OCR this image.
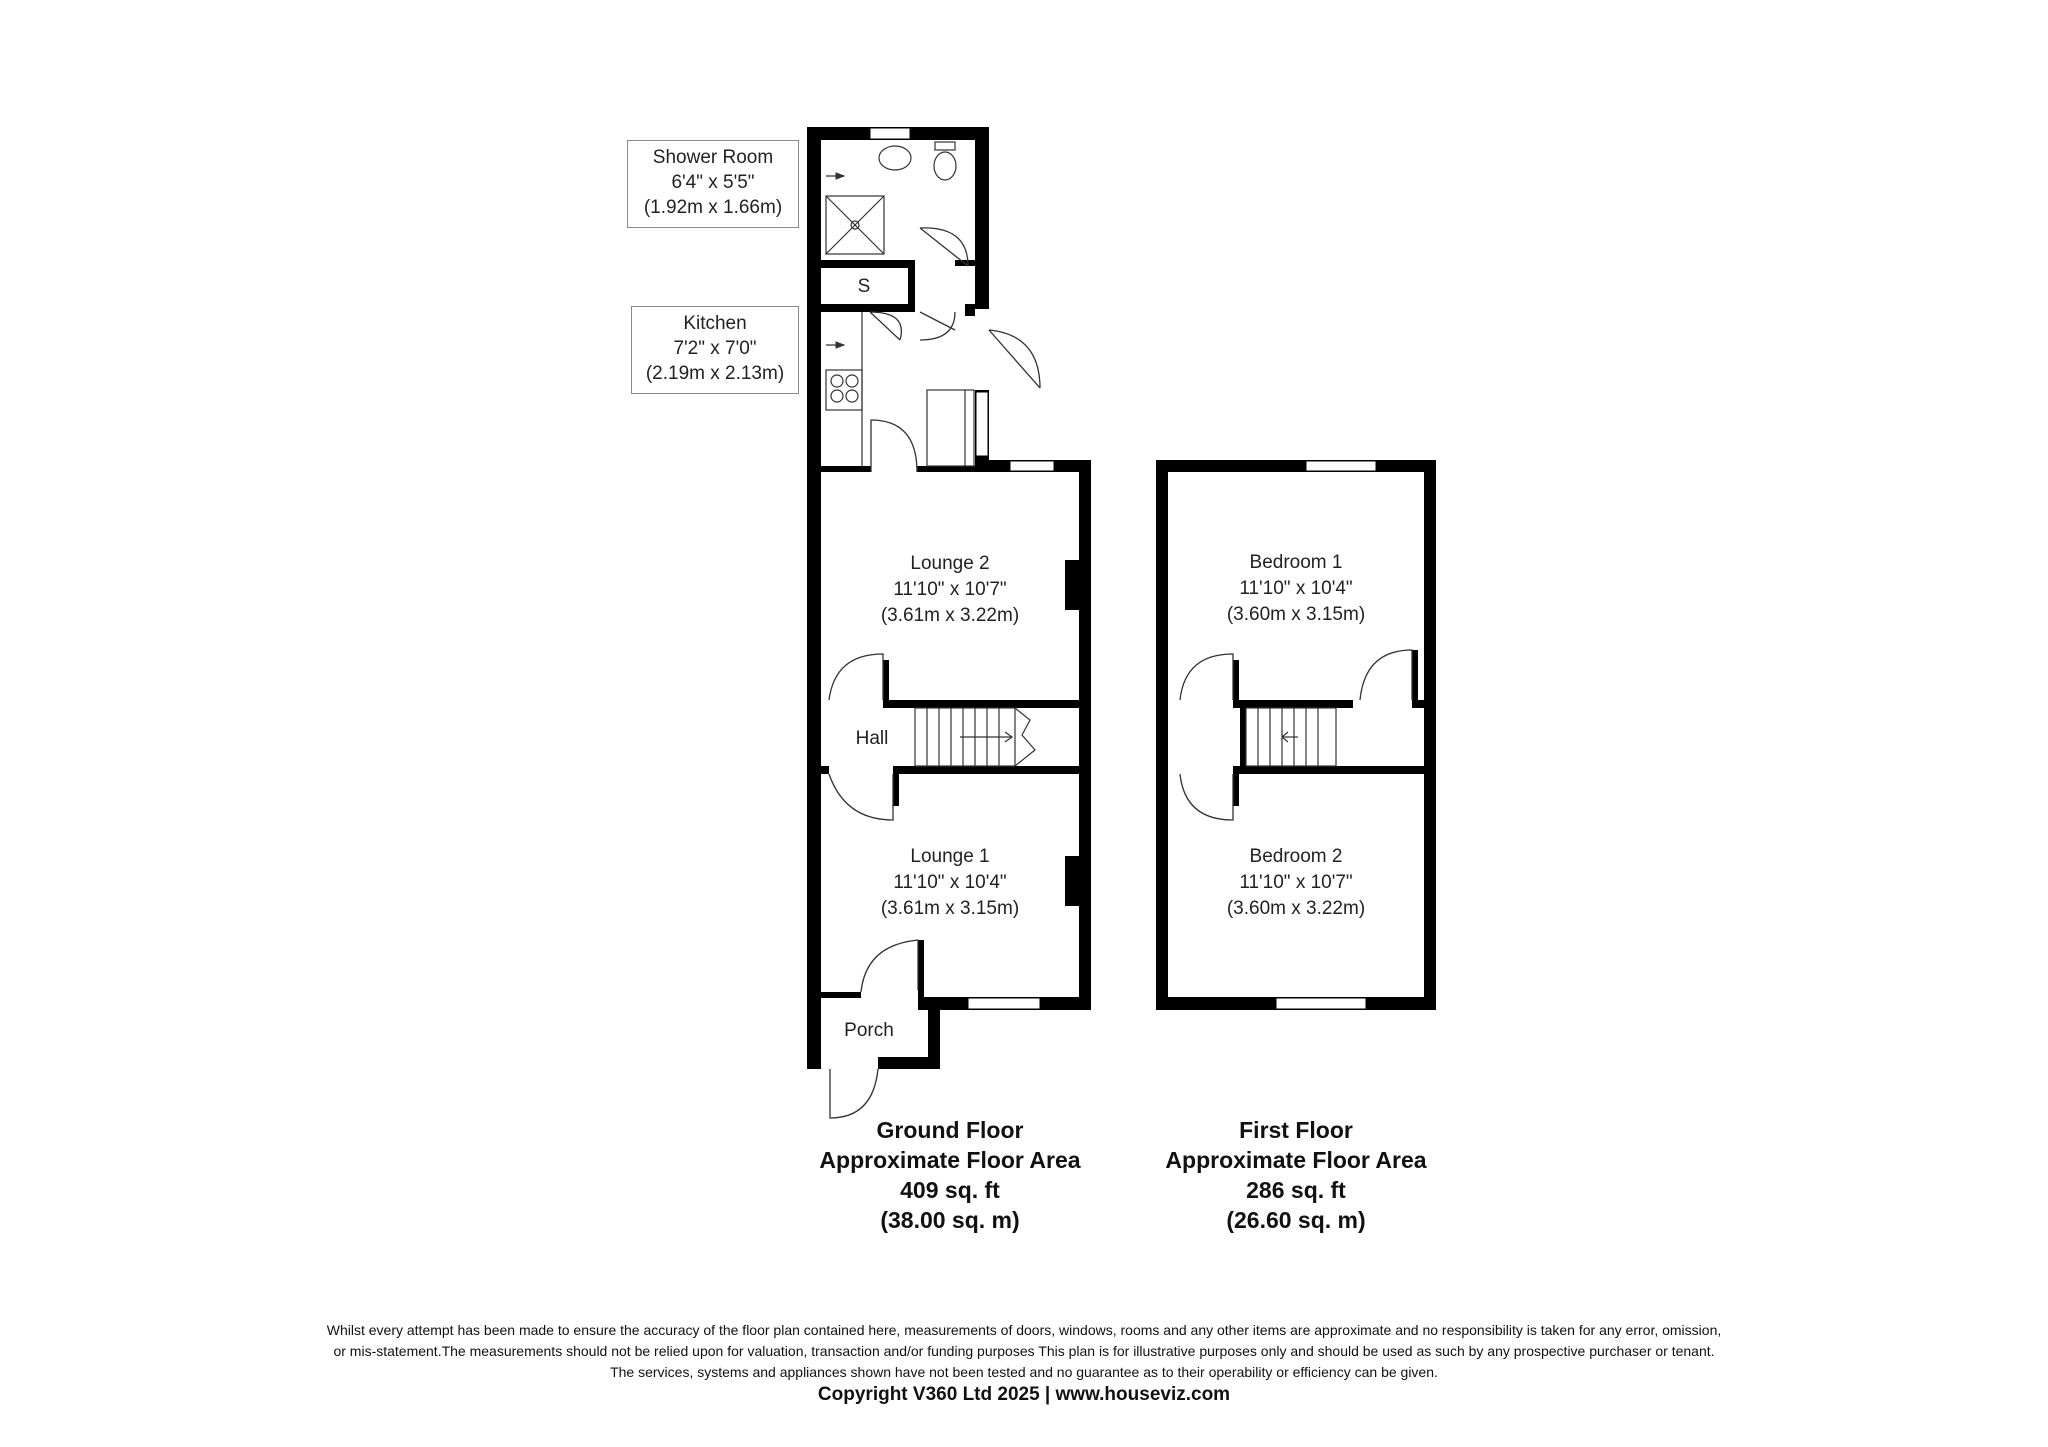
S
Lounge 2
11'10" x 10'7"
(3.61m x 3.22m)
Hall
Lounge 1
11'10" x 10'4"
(3.61m x 3.15m)
Porch
Bedroom 1
11'10" x 10'4"
(3.60m x 3.15m)
Bedroom 2
11'10" x 10'7"
(3.60m x 3.22m)
Shower Room
6'4" x 5'5"
(1.92m x 1.66m)
Kitchen
7'2" x 7'0"
(2.19m x 2.13m)
Ground Floor
Approximate Floor Area
409 sq. ft
(38.00 sq. m)
First Floor
Approximate Floor Area
286 sq. ft
(26.60 sq. m)
Whilst every attempt has been made to ensure the accuracy of the floor plan contained here, measurements of doors, windows, rooms and any other items are approximate and no responsibility is taken for any error, omission,
or mis-statement.The measurements should not be relied upon for valuation, transaction and/or funding purposes This plan is for illustrative purposes only and should be used as such by any prospective purchaser or tenant.
The services, systems and appliances shown have not been tested and no guarantee as to their operability or efficiency can be given.
Copyright V360 Ltd 2025 | www.houseviz.com
